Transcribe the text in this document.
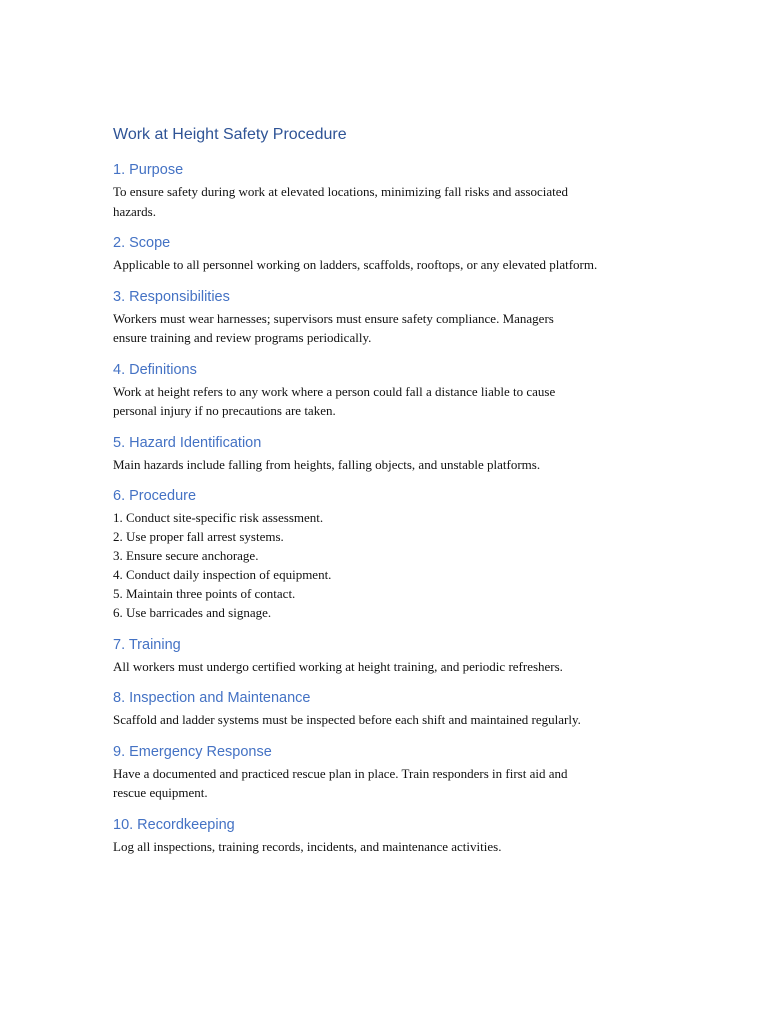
Work at Height Safety Procedure
1. Purpose

To ensure safety during work at elevated locations, minimizing fall risks and associated
hazards.

2. Scope

Applicable to all personnel working on ladders, scaffolds, rooftops, or any elevated platform.

3. Responsibilities

Workers must wear harnesses; supervisors must ensure safety compliance. Managers
ensure training and review programs periodically.

4. Definitions

Work at height refers to any work where a person could fall a distance liable to cause
personal injury if no precautions are taken.

5. Hazard Identification

Main hazards include falling from heights, falling objects, and unstable platforms.

6. Procedure
1. Conduct site-specific risk assessment.
2. Use proper fall arrest systems.
3. Ensure secure anchorage.
4. Conduct daily inspection of equipment.
5. Maintain three points of contact.
6. Use barricades and signage.
7. Training

All workers must undergo certified working at height training, and periodic refreshers.

8. Inspection and Maintenance

Scaffold and ladder systems must be inspected before each shift and maintained regularly.

9. Emergency Response

Have a documented and practiced rescue plan in place. Train responders in first aid and
rescue equipment.

10. Recordkeeping

Log all inspections, training records, incidents, and maintenance activities.
